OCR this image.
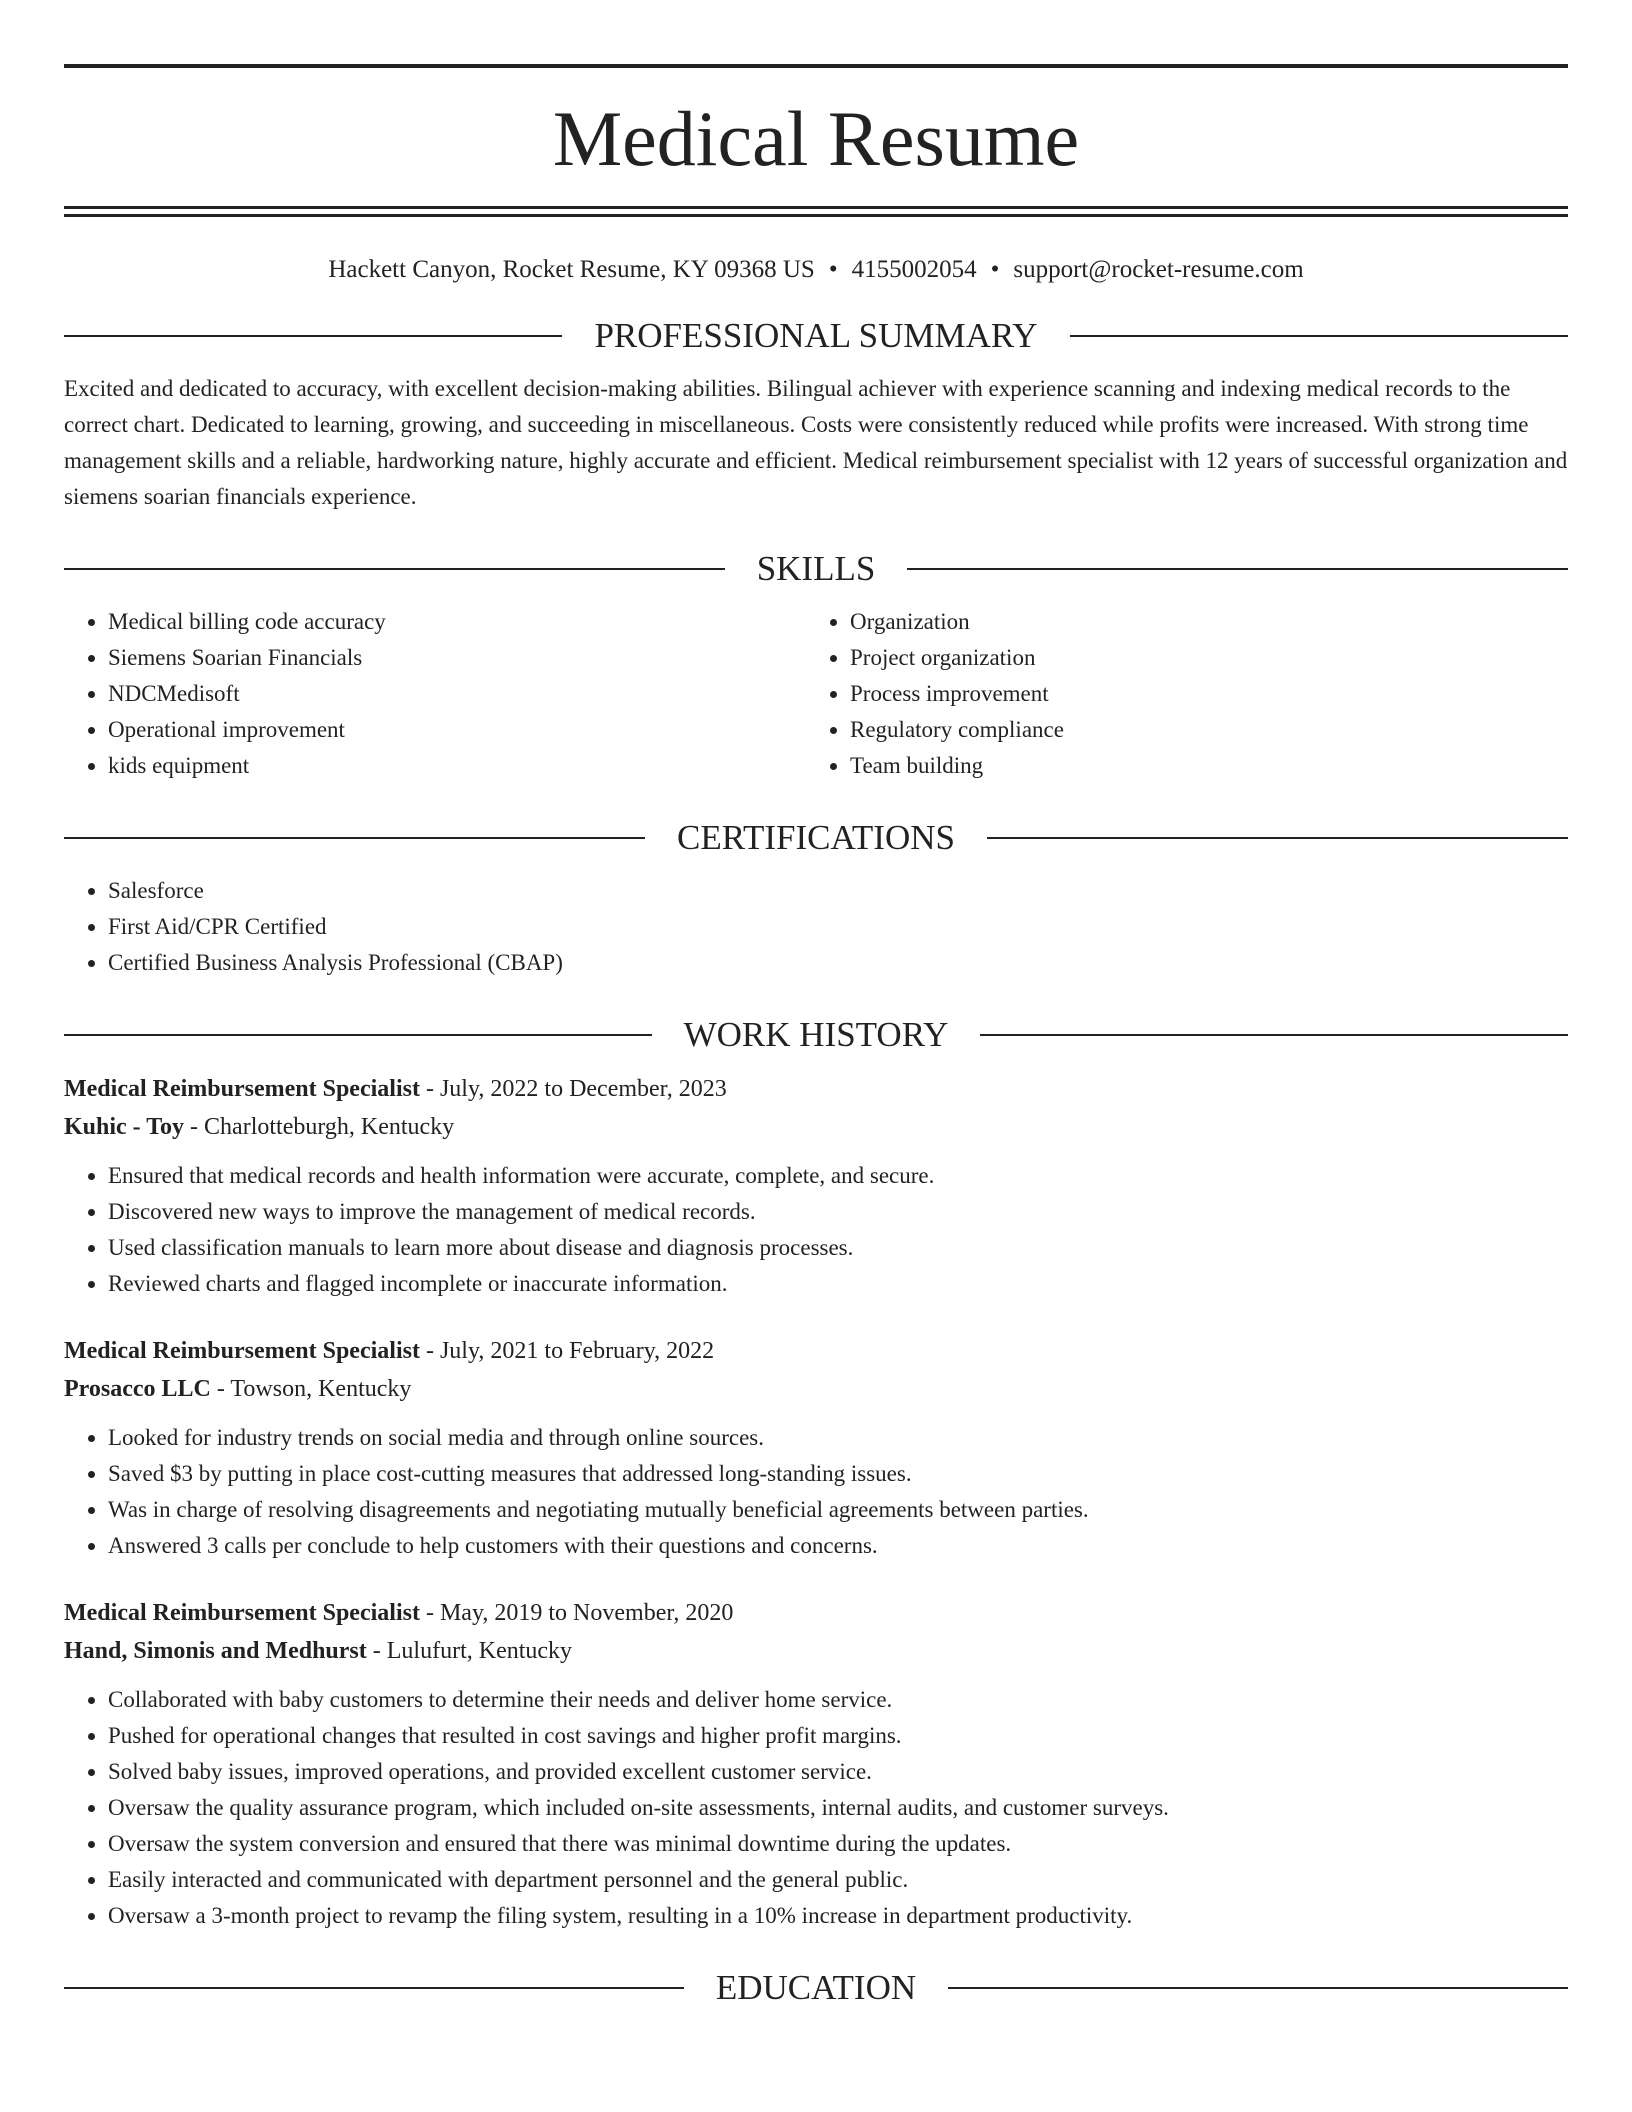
Medical Resume
Hackett Canyon, Rocket Resume, KY 09368 US • 4155002054 • support@rocket-resume.com
PROFESSIONAL SUMMARY

Excited and dedicated to accuracy, with excellent decision-making abilities. Bilingual achiever with experience scanning and indexing medical records to the correct chart. Dedicated to learning, growing, and succeeding in miscellaneous. Costs were consistently reduced while profits were increased. With strong time management skills and a reliable, hardworking nature, highly accurate and efficient. Medical reimbursement specialist with 12 years of successful organization and siemens soarian financials experience.

SKILLS
• Medical billing code accuracy
• Siemens Soarian Financials
• NDCMedisoft
• Operational improvement
• kids equipment
• Organization
• Project organization
• Process improvement
• Regulatory compliance
• Team building
CERTIFICATIONS
• Salesforce
• First Aid/CPR Certified
• Certified Business Analysis Professional (CBAP)
WORK HISTORY
Medical Reimbursement Specialist - July, 2022 to December, 2023
Kuhic - Toy - Charlotteburgh, Kentucky
• Ensured that medical records and health information were accurate, complete, and secure.
• Discovered new ways to improve the management of medical records.
• Used classification manuals to learn more about disease and diagnosis processes.
• Reviewed charts and flagged incomplete or inaccurate information.
Medical Reimbursement Specialist - July, 2021 to February, 2022
Prosacco LLC - Towson, Kentucky
• Looked for industry trends on social media and through online sources.
• Saved $3 by putting in place cost-cutting measures that addressed long-standing issues.
• Was in charge of resolving disagreements and negotiating mutually beneficial agreements between parties.
• Answered 3 calls per conclude to help customers with their questions and concerns.
Medical Reimbursement Specialist - May, 2019 to November, 2020
Hand, Simonis and Medhurst - Lulufurt, Kentucky
• Collaborated with baby customers to determine their needs and deliver home service.
• Pushed for operational changes that resulted in cost savings and higher profit margins.
• Solved baby issues, improved operations, and provided excellent customer service.
• Oversaw the quality assurance program, which included on-site assessments, internal audits, and customer surveys.
• Oversaw the system conversion and ensured that there was minimal downtime during the updates.
• Easily interacted and communicated with department personnel and the general public.
• Oversaw a 3-month project to revamp the filing system, resulting in a 10% increase in department productivity.
EDUCATION
